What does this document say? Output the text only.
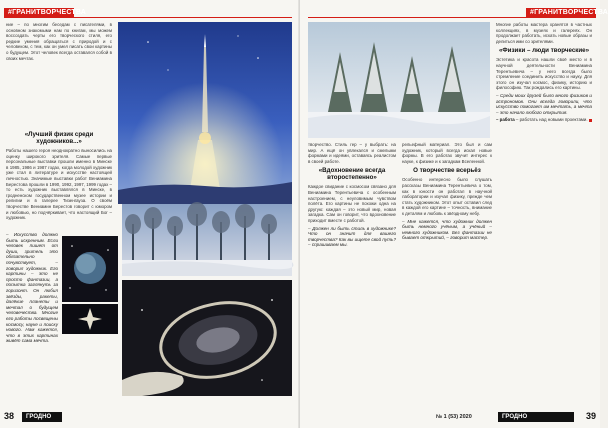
#ГРАНИТВОРЧЕСТВА

ние – по многим беседам с писателями, в основном знакомыми нам по книгам, мы можем воссоздать черты его творческого стиля, его редкие умения обращаться с природой и с человеком, с тем, как он умел писать свои картины о будущем. Этот человек всегда оставался собой в своих мечтах.

«Лучший физик среди художников...»

Работы нашего героя неоднократно выносились на оценку широкого зрителя. Самые первые персональные выставки прошли именно в Минске в 1985, 1986 и 1987 годах, когда молодой художник уже стал в литературе и искусстве настоящей личностью. Значимые выставки работ Вениамина Берестова прошли в 1990, 1992, 1997, 1999 годах – то есть художник выставлялся в Минске, в гродненском государственном музее истории и религии и в галерее Тизенгауза. О своём творчестве Вениамин Берестов говорит с юмором и любовью, но подчёркивает, что настоящий Бог – художник.

– Искусство должно быть искренним. Если человек пишет от души, зритель это обязательно почувствует, – говорил художник. Его картины – это не просто фантазии, а попытка заглянуть за горизонт. Он любил звёзды, ракеты, далёкие планеты и мечтал о будущем человечества. Многие его работы посвящены космосу, науке и поиску нового. Нам кажется, что в этих картинах живёт сама мечта.

38 ГРОДНО
#ГРАНИТВОРЧЕСТВА

Многие работы мастера хранятся в частных коллекциях, в музеях и галереях. Он продолжает работать, искать новые образы и делиться ими со зрителями.

«Физики – люди творческие»

Эстетика и красота нашли своё место и в научной деятельности Вениамина Терентьевича – у него всегда было стремление соединить искусство и науку. Для этого он изучал космос, физику, историю и философию. Так рождались его картины.

– Среди моих друзей было много физиков и астрономов. Они всегда говорили, что искусство помогает им мечтать, а мечта – это начало любого открытия.

– работа – работать над новыми проектами.

творчество. Стиль гер – у выбрать: на мир. А ещё он увлекался и смелыми формами и идеями, оставаясь реалистом в своей работе.

«Вдохновение всегда второстепенно»

Каждое свидание с космосом связано для Вениамина Терентьевича с особенным настроением, с неуловимым чувством полёта. Его картины не похожи одна на другую: каждая – это новый мир, новая загадка. Сам он говорит, что вдохновение приходит вместе с работой.

– Должен ли быть стиль в художнике? Что он значит для вашего творчества? Как вы ищете свой путь? – спрашиваем мы.

рельефный материал. Это был и сам художник, который всегда искал новые формы. В его работах звучит интерес к науке, к физике и к загадкам Вселенной.

О творчестве всерьёз

Особенно интересно было слушать рассказы Вениамина Терентьевича о том, как в юности он работал в научной лаборатории и изучал физику, прежде чем стать художником. Этот опыт оставил след в каждой его картине – точность, внимание к деталям и любовь к звёздному небу.

– Мне кажется, что художник должен быть немного учёным, а учёный – немного художником. Без фантазии не бывает открытий, – говорит мастер.

№ 1 (53) 2020	ГРОДНО	39
